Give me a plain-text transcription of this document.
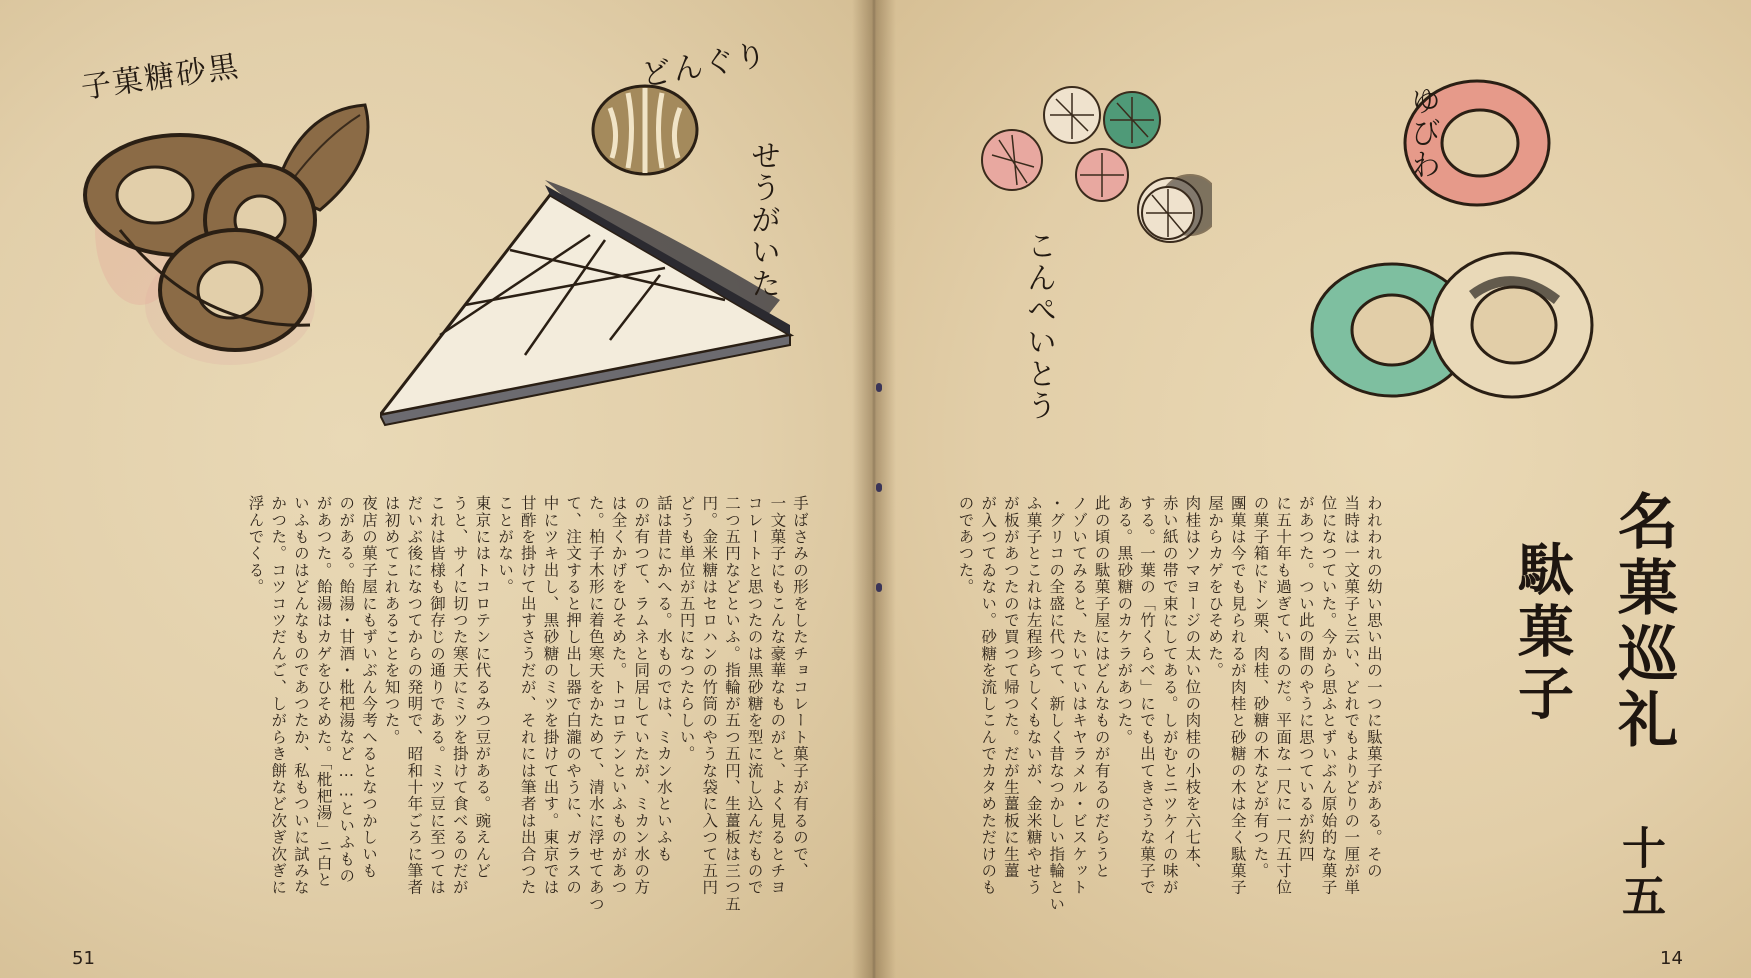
黒砂糖菓子	どんぐり
せうがいた
手ばさみの形をしたチョコレート菓子が有るので、
一文菓子にもこんな豪華なものがと、よく見るとチヨ
コレートと思つたのは黒砂糖を型に流し込んだもので
二つ五円などといふ。指輪が五つ五円、生薑板は三つ五
円。金米糖はセロハンの竹筒のやうな袋に入つて五円
どうも単位が五円になつたらしい。
話は昔にかへる。水ものでは、ミカン水といふも
のが有つて、ラムネと同居していたが、ミカン水の方
は全くかげをひそめた。トコロテンといふものがあつ
た。柏子木形に着色寒天をかためて、清水に浮せてあつ
て、注文すると押し出し器で白瀧のやうに、ガラスの
中にツキ出し、黒砂糖のミツを掛けて出す。東京では
甘酢を掛けて出すさうだが、それには筆者は出合つた
ことがない。
東京にはトコロテンに代るみつ豆がある。豌えんど
うと、サイに切つた寒天にミツを掛けて食べるのだが
これは皆様も御存じの通りである。ミツ豆に至つては
だいぶ後になつてからの発明で、昭和十年ごろに筆者
は初めてこれあることを知つた。
夜店の菓子屋にもずいぶん今考へるとなつかしいも
のがある。飴湯・甘酒・枇杷湯など……といふもの
があつた。飴湯はカゲをひそめた。「枇杷湯」ニ白と
いふものはどんなものであつたか、私もついに試みな
かつた。コツコツだんご、しがらき餅など次ぎ次ぎに
浮んでくる。
51
こんぺいとう
ゆびわ
名菓巡礼
駄菓子
十五
われわれの幼い思い出の一つに駄菓子がある。その
当時は一文菓子と云い、どれでもよりどりの一厘が単
位になつていた。今から思ふとずいぶん原始的な菓子
があつた。つい此の間のやうに思つているが約四
に五十年も過ぎているのだ。平面な一尺に一尺五寸位
の菓子箱にドン栗、肉桂、砂糖の木などが有つた。
團菓は今でも見られるが肉桂と砂糖の木は全く駄菓子
屋からカゲをひそめた。
肉桂はソマヨージの太い位の肉桂の小枝を六七本、
赤い紙の帯で束にしてある。しがむとニツケイの味が
する。一葉の「竹くらべ」にでも出てきさうな菓子で
ある。黒砂糖のカケラがあつた。
此の頃の駄菓子屋にはどんなものが有るのだらうと
ノゾいてみると、たいていはキヤラメル・ビスケット
・グリコの全盛に代つて、新しく昔なつかしい指輪とい
ふ菓子とこれは左程珍らしくもないが、金米糖やせう
が板があつたので買つて帰つた。だが生薑板に生薑
が入つてゐない。砂糖を流しこんでカタめただけのも
のであつた。
14
